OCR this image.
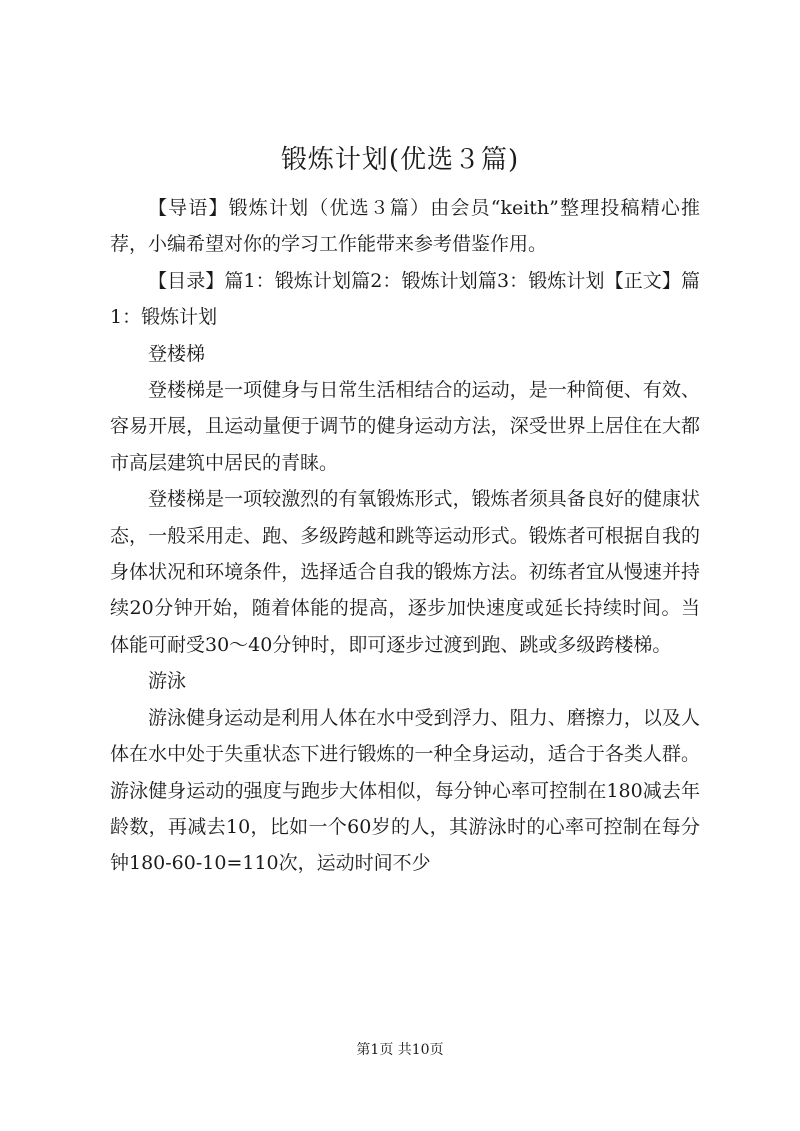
锻炼计划(优选３篇)

【导语】锻炼计划（优选３篇）由会员“keith”整理投稿精心推荐，小编希望对你的学习工作能带来参考借鉴作用。

【目录】篇1：锻炼计划篇2：锻炼计划篇3：锻炼计划【正文】篇1：锻炼计划

登楼梯

登楼梯是一项健身与日常生活相结合的运动，是一种简便、有效、容易开展，且运动量便于调节的健身运动方法，深受世界上居住在大都市高层建筑中居民的青睐。

登楼梯是一项较激烈的有氧锻炼形式，锻炼者须具备良好的健康状态，一般采用走、跑、多级跨越和跳等运动形式。锻炼者可根据自我的身体状况和环境条件，选择适合自我的锻炼方法。初练者宜从慢速并持续20分钟开始，随着体能的提高，逐步加快速度或延长持续时间。当体能可耐受30～40分钟时，即可逐步过渡到跑、跳或多级跨楼梯。

游泳

游泳健身运动是利用人体在水中受到浮力、阻力、磨擦力，以及人体在水中处于失重状态下进行锻炼的一种全身运动，适合于各类人群。游泳健身运动的强度与跑步大体相似，每分钟心率可控制在180减去年龄数，再减去10，比如一个60岁的人，其游泳时的心率可控制在每分钟180-60-10=110次，运动时间不少

第1页 共10页
